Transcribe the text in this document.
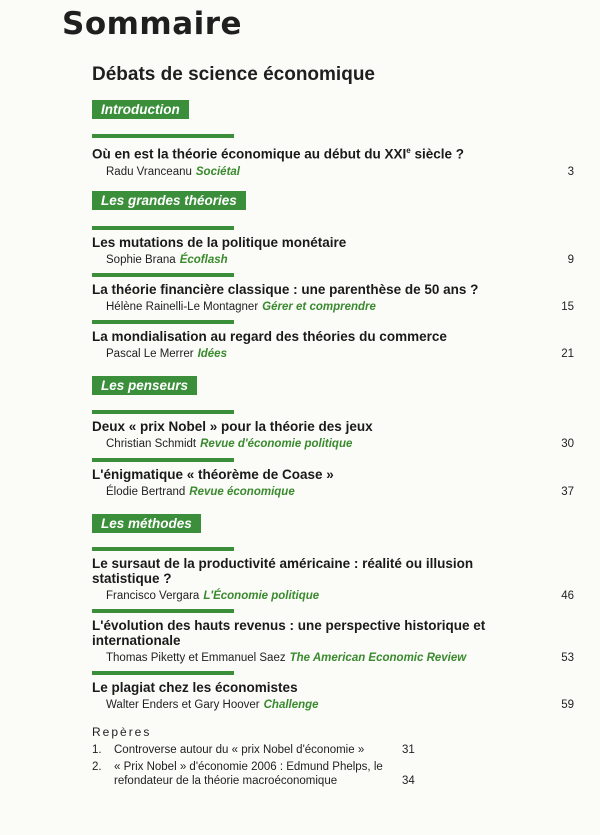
Sommaire
Débats de science économique
Introduction
Où en est la théorie économique au début du XXIe siècle ?
Radu Vranceanu Sociétal	3
Les grandes théories
Les mutations de la politique monétaire
Sophie Brana Écoflash	9
La théorie financière classique : une parenthèse de 50 ans ?
Hélène Rainelli-Le Montagner Gérer et comprendre	15
La mondialisation au regard des théories du commerce
Pascal Le Merrer Idées	21
Les penseurs
Deux « prix Nobel » pour la théorie des jeux
Christian Schmidt Revue d'économie politique	30
L'énigmatique « théorème de Coase »
Élodie Bertrand Revue économique	37
Les méthodes
Le sursaut de la productivité américaine : réalité ou illusion statistique ?
Francisco Vergara L'Économie politique	46
L'évolution des hauts revenus : une perspective historique et internationale
Thomas Piketty et Emmanuel Saez The American Economic Review	53
Le plagiat chez les économistes
Walter Enders et Gary Hoover Challenge	59
Repères
1.	Controverse autour du « prix Nobel d'économie »	31
2.	« Prix Nobel » d'économie 2006 : Edmund Phelps, le refondateur de la théorie macroéconomique	34
